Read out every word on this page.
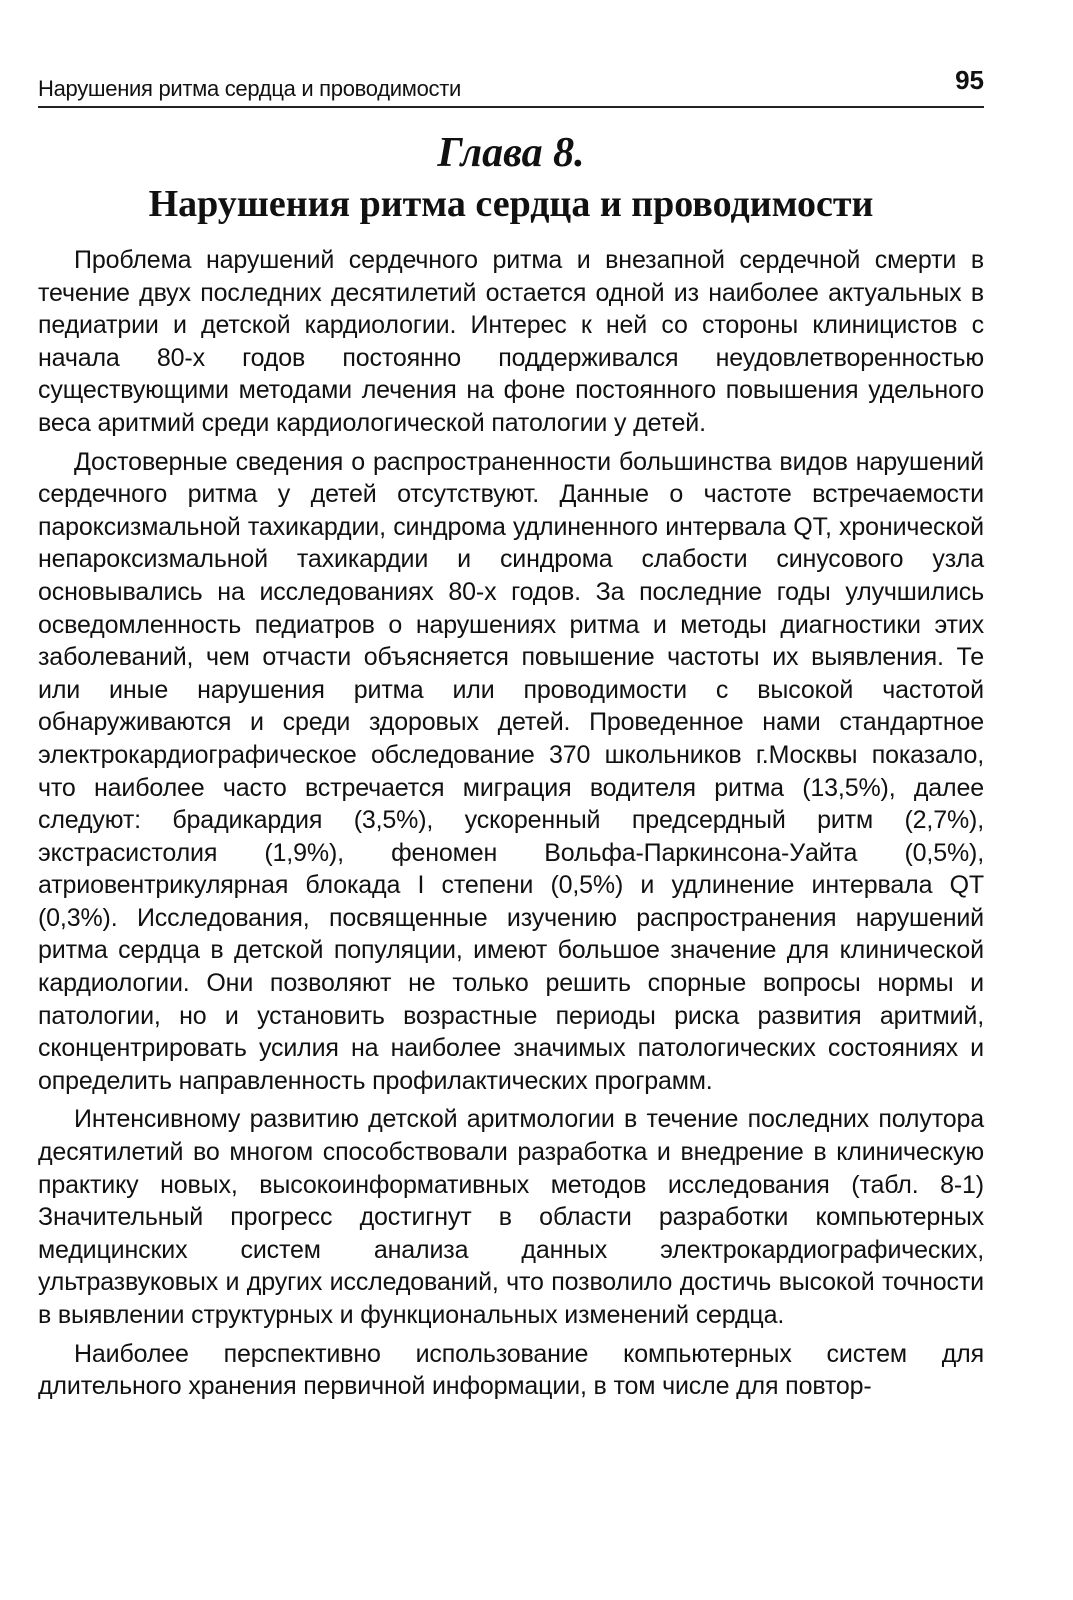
Нарушения ритма сердца и проводимости	95
Глава 8.
Нарушения ритма сердца и проводимости

Проблема нарушений сердечного ритма и внезапной сердечной смерти в течение двух последних десятилетий остается одной из наиболее актуальных в педиатрии и детской кардиологии. Интерес к ней со стороны клиницистов с начала 80-х годов постоянно поддерживался неудовлетворенностью существующими методами лечения на фоне постоянного повышения удельного веса аритмий среди кардиологической патологии у детей.

Достоверные сведения о распространенности большинства видов нарушений сердечного ритма у детей отсутствуют. Данные о частоте встречаемости пароксизмальной тахикардии, синдрома удлиненного интервала QT, хронической непароксизмальной тахикардии и синдрома слабости синусового узла основывались на исследованиях 80-х годов. За последние годы улучшились осведомленность педиатров о нарушениях ритма и методы диагностики этих заболеваний, чем отчасти объясняется повышение частоты их выявления. Те или иные нарушения ритма или проводимости с высокой частотой обнаруживаются и среди здоровых детей. Проведенное нами стандартное электрокардиографическое обследование 370 школьников г.Москвы показало, что наиболее часто встречается миграция водителя ритма (13,5%), далее следуют: брадикардия (3,5%), ускоренный предсердный ритм (2,7%), экстрасистолия (1,9%), феномен Вольфа-Паркинсона-Уайта (0,5%), атриовентрикулярная блокада I степени (0,5%) и удлинение интервала QT (0,3%). Исследования, посвященные изучению распространения нарушений ритма сердца в детской популяции, имеют большое значение для клинической кардиологии. Они позволяют не только решить спорные вопросы нормы и патологии, но и установить возрастные периоды риска развития аритмий, сконцентрировать усилия на наиболее значимых патологических состояниях и определить направленность профилактических программ.

Интенсивному развитию детской аритмологии в течение последних полутора десятилетий во многом способствовали разработка и внедрение в клиническую практику новых, высокоинформативных методов исследования (табл. 8-1) Значительный прогресс достигнут в области разработки компьютерных медицинских систем анализа данных электрокардиографических, ультразвуковых и других исследований, что позволило достичь высокой точности в выявлении структурных и функциональных изменений сердца.

Наиболее перспективно использование компьютерных систем для длительного хранения первичной информации, в том числе для повтор-
